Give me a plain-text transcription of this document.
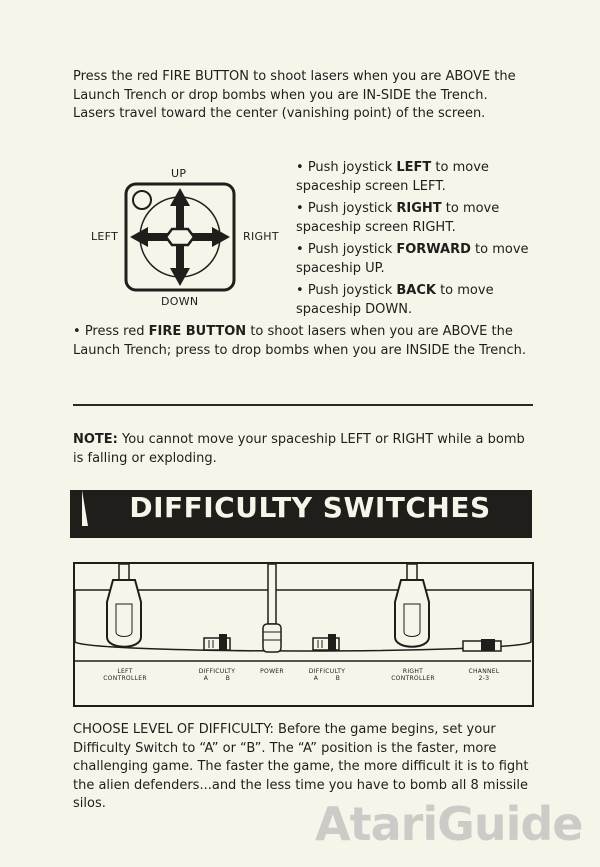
Press the red FIRE BUTTON to shoot lasers when you are ABOVE the Launch Trench or drop bombs when you are IN-SIDE the Trench. Lasers travel toward the center (vanishing point) of the screen.
UP
LEFT	RIGHT
DOWN
• Push joystick LEFT to move spaceship screen LEFT.
• Push joystick RIGHT to move spaceship screen RIGHT.
• Push joystick FORWARD to move spaceship UP.
• Push joystick BACK to move spaceship DOWN.
• Press red FIRE BUTTON to shoot lasers when you are ABOVE the Launch Trench; press to drop bombs when you are INSIDE the Trench.
NOTE: You cannot move your spaceship LEFT or RIGHT while a bomb is falling or exploding.
DIFFICULTY SWITCHES
LEFT
CONTROLLER
DIFFICULTY
A        B
POWER	DIFFICULTY
A        B
RIGHT
CONTROLLER
CHANNEL
2-3
CHOOSE LEVEL OF DIFFICULTY: Before the game begins, set your Difficulty Switch to “A” or “B”. The “A” position is the faster, more challenging game. The faster the game, the more difficult it is to fight the alien defenders...and the less time you have to bomb all 8 missile silos.	AtariGuide
